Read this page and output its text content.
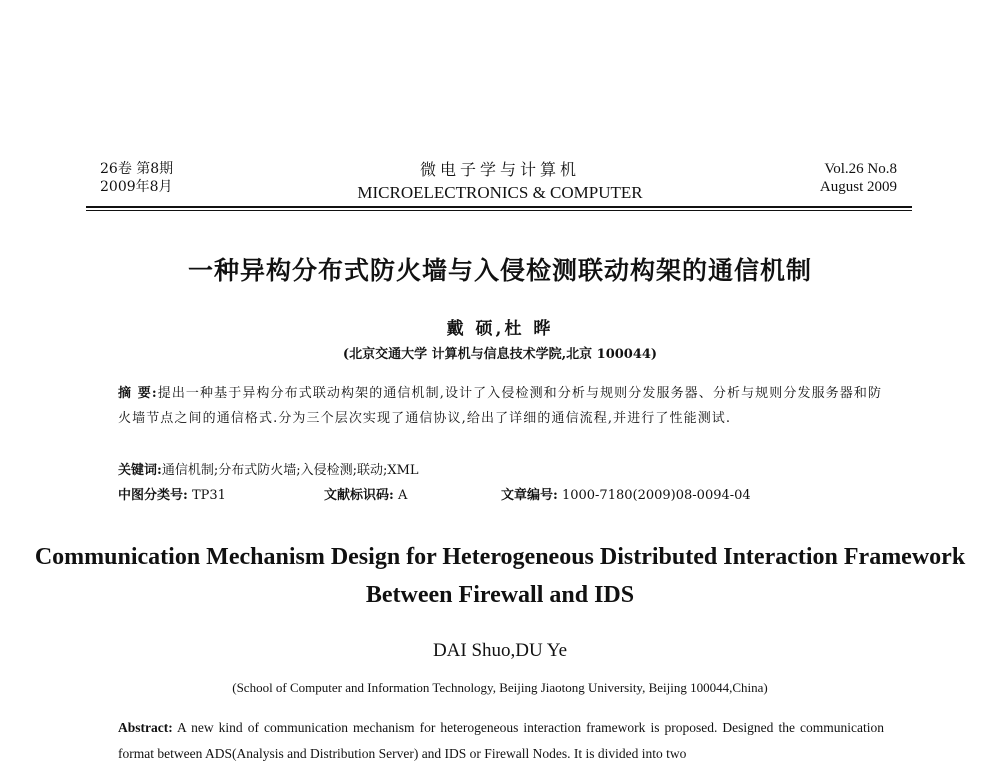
26卷 第8期
2009年8月
微电子学与计算机
MICROELECTRONICS & COMPUTER
Vol.26 No.8
August 2009
一种异构分布式防火墙与入侵检测联动构架的通信机制
戴 硕,杜 晔
(北京交通大学 计算机与信息技术学院,北京 100044)
摘 要:提出一种基于异构分布式联动构架的通信机制,设计了入侵检测和分析与规则分发服务器、分析与规则分发服务器和防火墙节点之间的通信格式.分为三个层次实现了通信协议,给出了详细的通信流程,并进行了性能测试.
关键词:通信机制;分布式防火墙;入侵检测;联动;XML
中图分类号: TP31	文献标识码: A	文章编号: 1000-7180(2009)08-0094-04
Communication Mechanism Design for Heterogeneous Distributed Interaction Framework Between Firewall and IDS
DAI Shuo,DU Ye
(School of Computer and Information Technology, Beijing Jiaotong University, Beijing 100044,China)
Abstract: A new kind of communication mechanism for heterogeneous interaction framework is proposed. Designed the communication format between ADS(Analysis and Distribution Server) and IDS or Firewall Nodes. It is divided into two
